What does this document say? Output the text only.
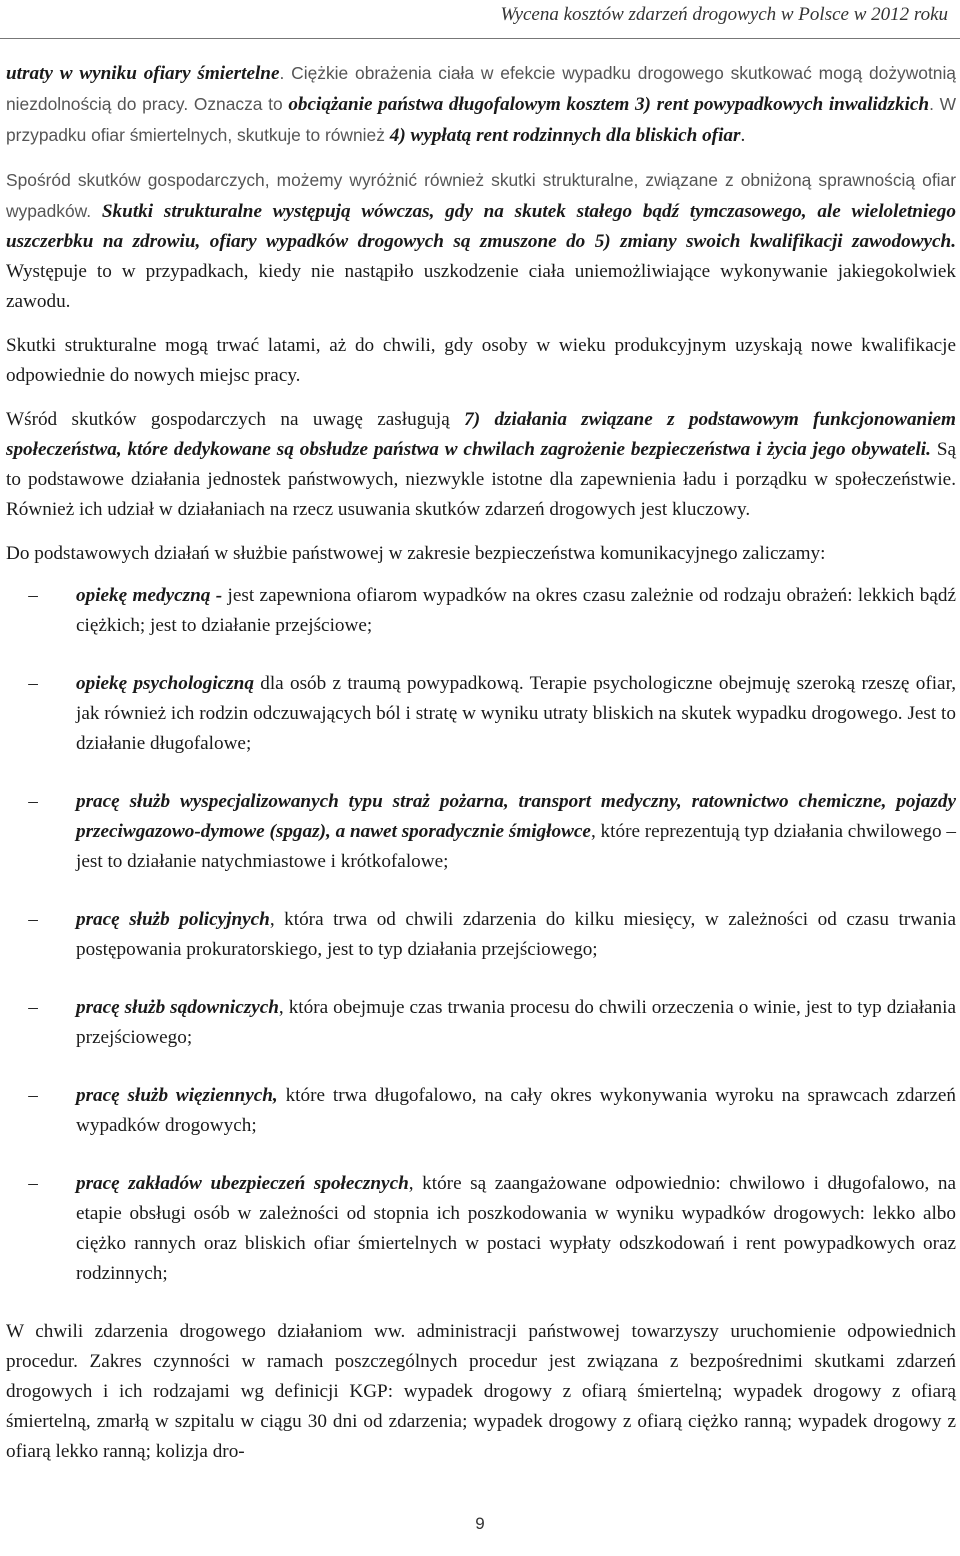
Wycena kosztów zdarzeń drogowych w Polsce w 2012 roku

utraty w wyniku ofiary śmiertelne. Ciężkie obrażenia ciała w efekcie wypadku drogowego skutkować mogą dożywotnią niezdolnością do pracy. Oznacza to obciążanie państwa długofalowym kosztem 3) rent powypadkowych inwalidzkich. W przypadku ofiar śmiertelnych, skutkuje to również 4) wypłatą rent rodzinnych dla bliskich ofiar.

Spośród skutków gospodarczych, możemy wyróżnić również skutki strukturalne, związane z obniżoną sprawnością ofiar wypadków. Skutki strukturalne występują wówczas, gdy na skutek stałego bądź tymczasowego, ale wieloletniego uszczerbku na zdrowiu, ofiary wypadków drogowych są zmuszone do 5) zmiany swoich kwalifikacji zawodowych. Występuje to w przypadkach, kiedy nie nastąpiło uszkodzenie ciała uniemożliwiające wykonywanie jakiegokolwiek zawodu.

Skutki strukturalne mogą trwać latami, aż do chwili, gdy osoby w wieku produkcyjnym uzyskają nowe kwalifikacje odpowiednie do nowych miejsc pracy.

Wśród skutków gospodarczych na uwagę zasługują 7) działania związane z podstawowym funkcjonowaniem społeczeństwa, które dedykowane są obsłudze państwa w chwilach zagrożenie bezpieczeństwa i życia jego obywateli. Są to podstawowe działania jednostek państwowych, niezwykle istotne dla zapewnienia ładu i porządku w społeczeństwie. Również ich udział w działaniach na rzecz usuwania skutków zdarzeń drogowych jest kluczowy.

Do podstawowych działań w służbie państwowej w zakresie bezpieczeństwa komunikacyjnego zaliczamy:

–	opiekę medyczną - jest zapewniona ofiarom wypadków na okres czasu zależnie od rodzaju obrażeń: lekkich bądź ciężkich; jest to działanie przejściowe;
–	opiekę psychologiczną dla osób z traumą powypadkową. Terapie psychologiczne obejmuję szeroką rzeszę ofiar, jak również ich rodzin odczuwających ból i stratę w wyniku utraty bliskich na skutek wypadku drogowego. Jest to działanie długofalowe;
–	pracę służb wyspecjalizowanych typu straż pożarna, transport medyczny, ratownictwo chemiczne, pojazdy przeciwgazowo-dymowe (spgaz), a nawet sporadycznie śmigłowce, które reprezentują typ działania chwilowego – jest to działanie natychmiastowe i krótkofalowe;
–	pracę służb policyjnych, która trwa od chwili zdarzenia do kilku miesięcy, w zależności od czasu trwania postępowania prokuratorskiego, jest to typ działania przejściowego;
–	pracę służb sądowniczych, która obejmuje czas trwania procesu do chwili orzeczenia o winie, jest to typ działania przejściowego;
–	pracę służb więziennych, które trwa długofalowo, na cały okres wykonywania wyroku na sprawcach zdarzeń wypadków drogowych;
–	pracę zakładów ubezpieczeń społecznych, które są zaangażowane odpowiednio: chwilowo i długofalowo, na etapie obsługi osób w zależności od stopnia ich poszkodowania w wyniku wypadków drogowych: lekko albo ciężko rannych oraz bliskich ofiar śmiertelnych w postaci wypłaty odszkodowań i rent powypadkowych oraz rodzinnych;

W chwili zdarzenia drogowego działaniom ww. administracji państwowej towarzyszy uruchomienie odpowiednich procedur. Zakres czynności w ramach poszczególnych procedur jest związana z bezpośrednimi skutkami zdarzeń drogowych i ich rodzajami wg definicji KGP: wypadek drogowy z ofiarą śmiertelną; wypadek drogowy z ofiarą śmiertelną, zmarłą w szpitalu w ciągu 30 dni od zdarzenia; wypadek drogowy z ofiarą ciężko ranną; wypadek drogowy z ofiarą lekko ranną; kolizja dro-

9
